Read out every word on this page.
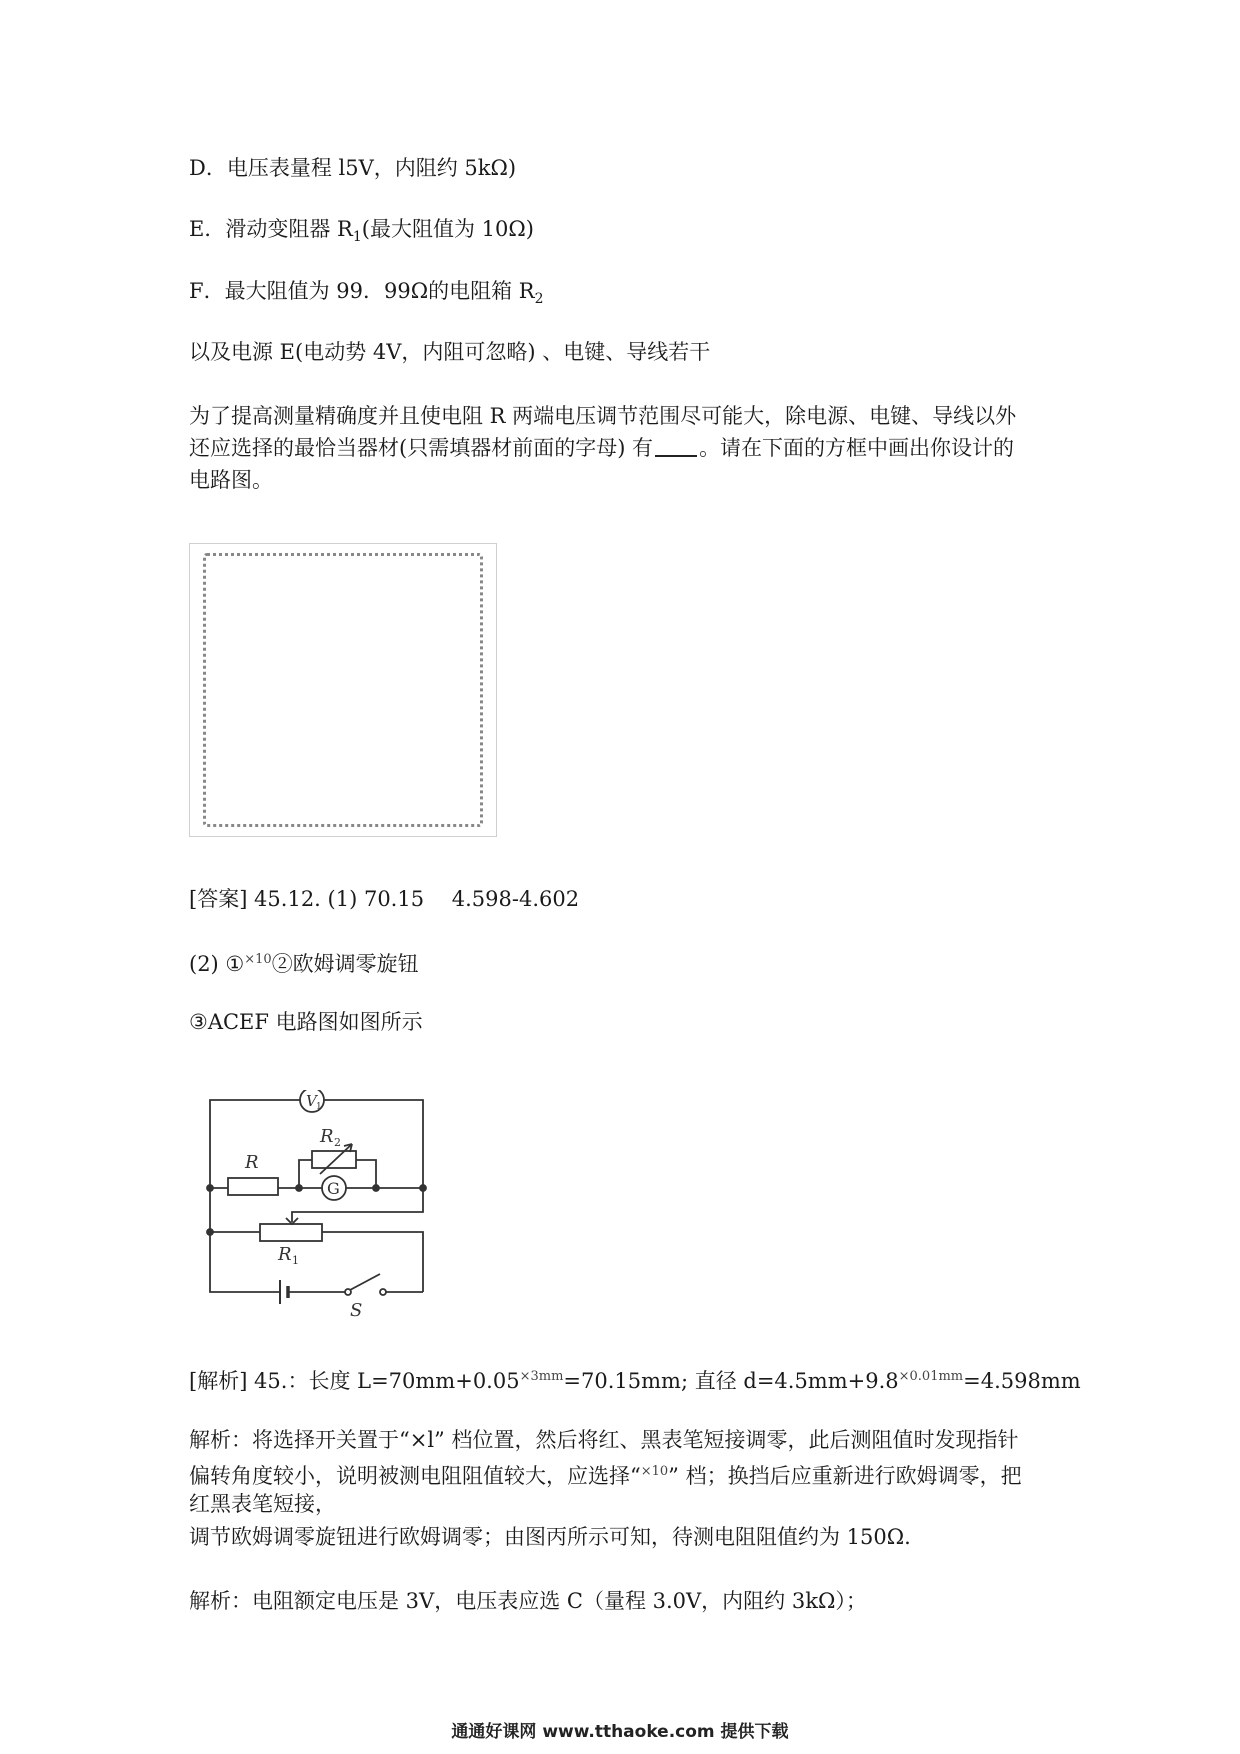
D．电压表量程 l5V，内阻约 5kΩ)

E．滑动变阻器 $R_1$(最大阻值为 10Ω)

F．最大阻值为 99．99Ω的电阻箱 $R_2$

以及电源 E(电动势 4V，内阻可忽略) 、电键、导线若干

为了提高测量精确度并且使电阻 R 两端电压调节范围尽可能大，除电源、电键、导线以外

还应选择的最恰当器材(只需填器材前面的字母) 有 。请在下面的方框中画出你设计的

电路图。

[答案] 45.12. (1) 70.15 　4.598-4.602

(2) ①$^{\times 10}$②欧姆调零旋钮

③ACEF 电路图如图所示

V 1
R
R 2
G
R 1
S

[解析] 45.：长度 $L=70mm+0.05^{\times 3mm}=70.15mm$; 直径 $d=4.5mm+9.8^{\times 0.01mm}=4.598mm$

解析：将选择开关置于“×l” 档位置，然后将红、黑表笔短接调零，此后测阻值时发现指针

偏转角度较小，说明被测电阻阻值较大，应选择“$^{\times 10}$” 档；换挡后应重新进行欧姆调零，把

红黑表笔短接，

调节欧姆调零旋钮进行欧姆调零；由图丙所示可知，待测电阻阻值约为 150Ω.

解析：电阻额定电压是 3V，电压表应选 C（量程 3.0V，内阻约 3kΩ）；

通通好课网 www.tthaoke.com 提供下载
